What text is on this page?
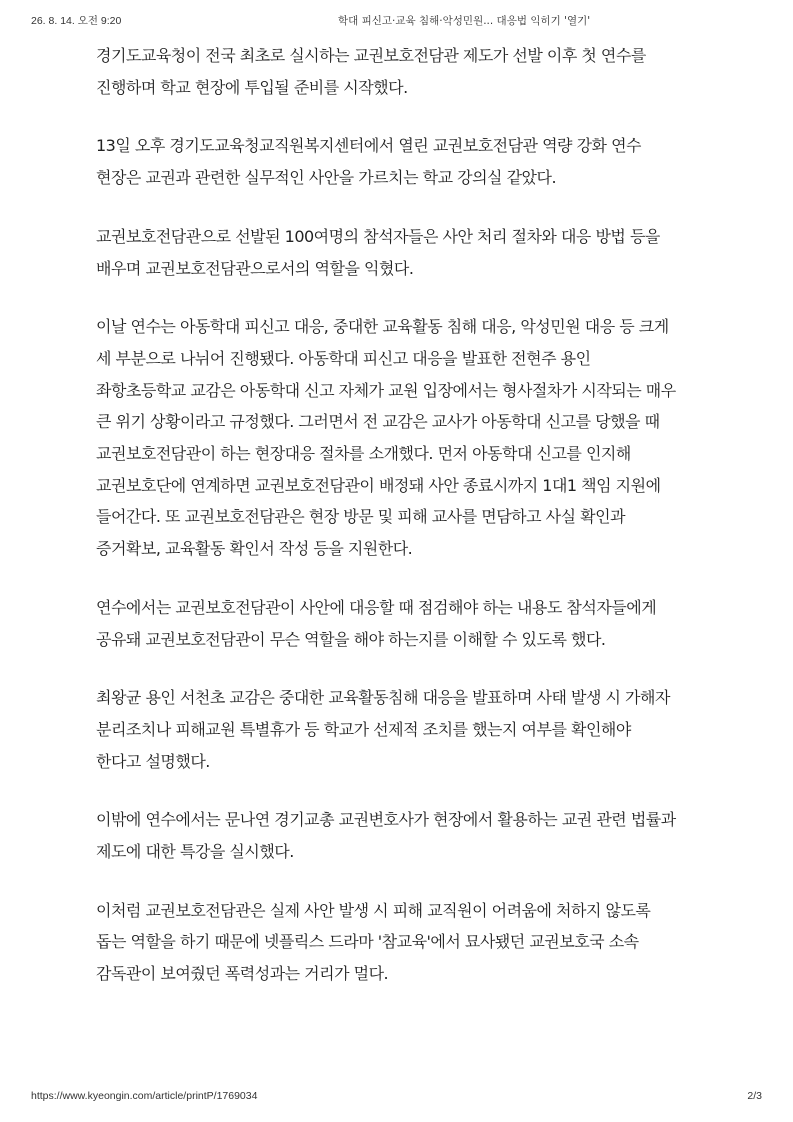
26. 8. 14. 오전 9:20	학대 피신고·교육 침해·악성민원... 대응법 익히기 '열기'

경기도교육청이 전국 최초로 실시하는 교권보호전담관 제도가 선발 이후 첫 연수를
진행하며 학교 현장에 투입될 준비를 시작했다.

13일 오후 경기도교육청교직원복지센터에서 열린 교권보호전담관 역량 강화 연수
현장은 교권과 관련한 실무적인 사안을 가르치는 학교 강의실 같았다.

교권보호전담관으로 선발된 100여명의 참석자들은 사안 처리 절차와 대응 방법 등을
배우며 교권보호전담관으로서의 역할을 익혔다.

이날 연수는 아동학대 피신고 대응, 중대한 교육활동 침해 대응, 악성민원 대응 등 크게
세 부분으로 나뉘어 진행됐다. 아동학대 피신고 대응을 발표한 전현주 용인
좌항초등학교 교감은 아동학대 신고 자체가 교원 입장에서는 형사절차가 시작되는 매우
큰 위기 상황이라고 규정했다. 그러면서 전 교감은 교사가 아동학대 신고를 당했을 때
교권보호전담관이 하는 현장대응 절차를 소개했다. 먼저 아동학대 신고를 인지해
교권보호단에 연계하면 교권보호전담관이 배정돼 사안 종료시까지 1대1 책임 지원에
들어간다. 또 교권보호전담관은 현장 방문 및 피해 교사를 면담하고 사실 확인과
증거확보, 교육활동 확인서 작성 등을 지원한다.

연수에서는 교권보호전담관이 사안에 대응할 때 점검해야 하는 내용도 참석자들에게
공유돼 교권보호전담관이 무슨 역할을 해야 하는지를 이해할 수 있도록 했다.

최왕균 용인 서천초 교감은 중대한 교육활동침해 대응을 발표하며 사태 발생 시 가해자
분리조치나 피해교원 특별휴가 등 학교가 선제적 조치를 했는지 여부를 확인해야
한다고 설명했다.

이밖에 연수에서는 문나연 경기교총 교권변호사가 현장에서 활용하는 교권 관련 법률과
제도에 대한 특강을 실시했다.

이처럼 교권보호전담관은 실제 사안 발생 시 피해 교직원이 어려움에 처하지 않도록
돕는 역할을 하기 때문에 넷플릭스 드라마 '참교육'에서 묘사됐던 교권보호국 소속
감독관이 보여줬던 폭력성과는 거리가 멀다.

https://www.kyeongin.com/article/printP/1769034	2/3
